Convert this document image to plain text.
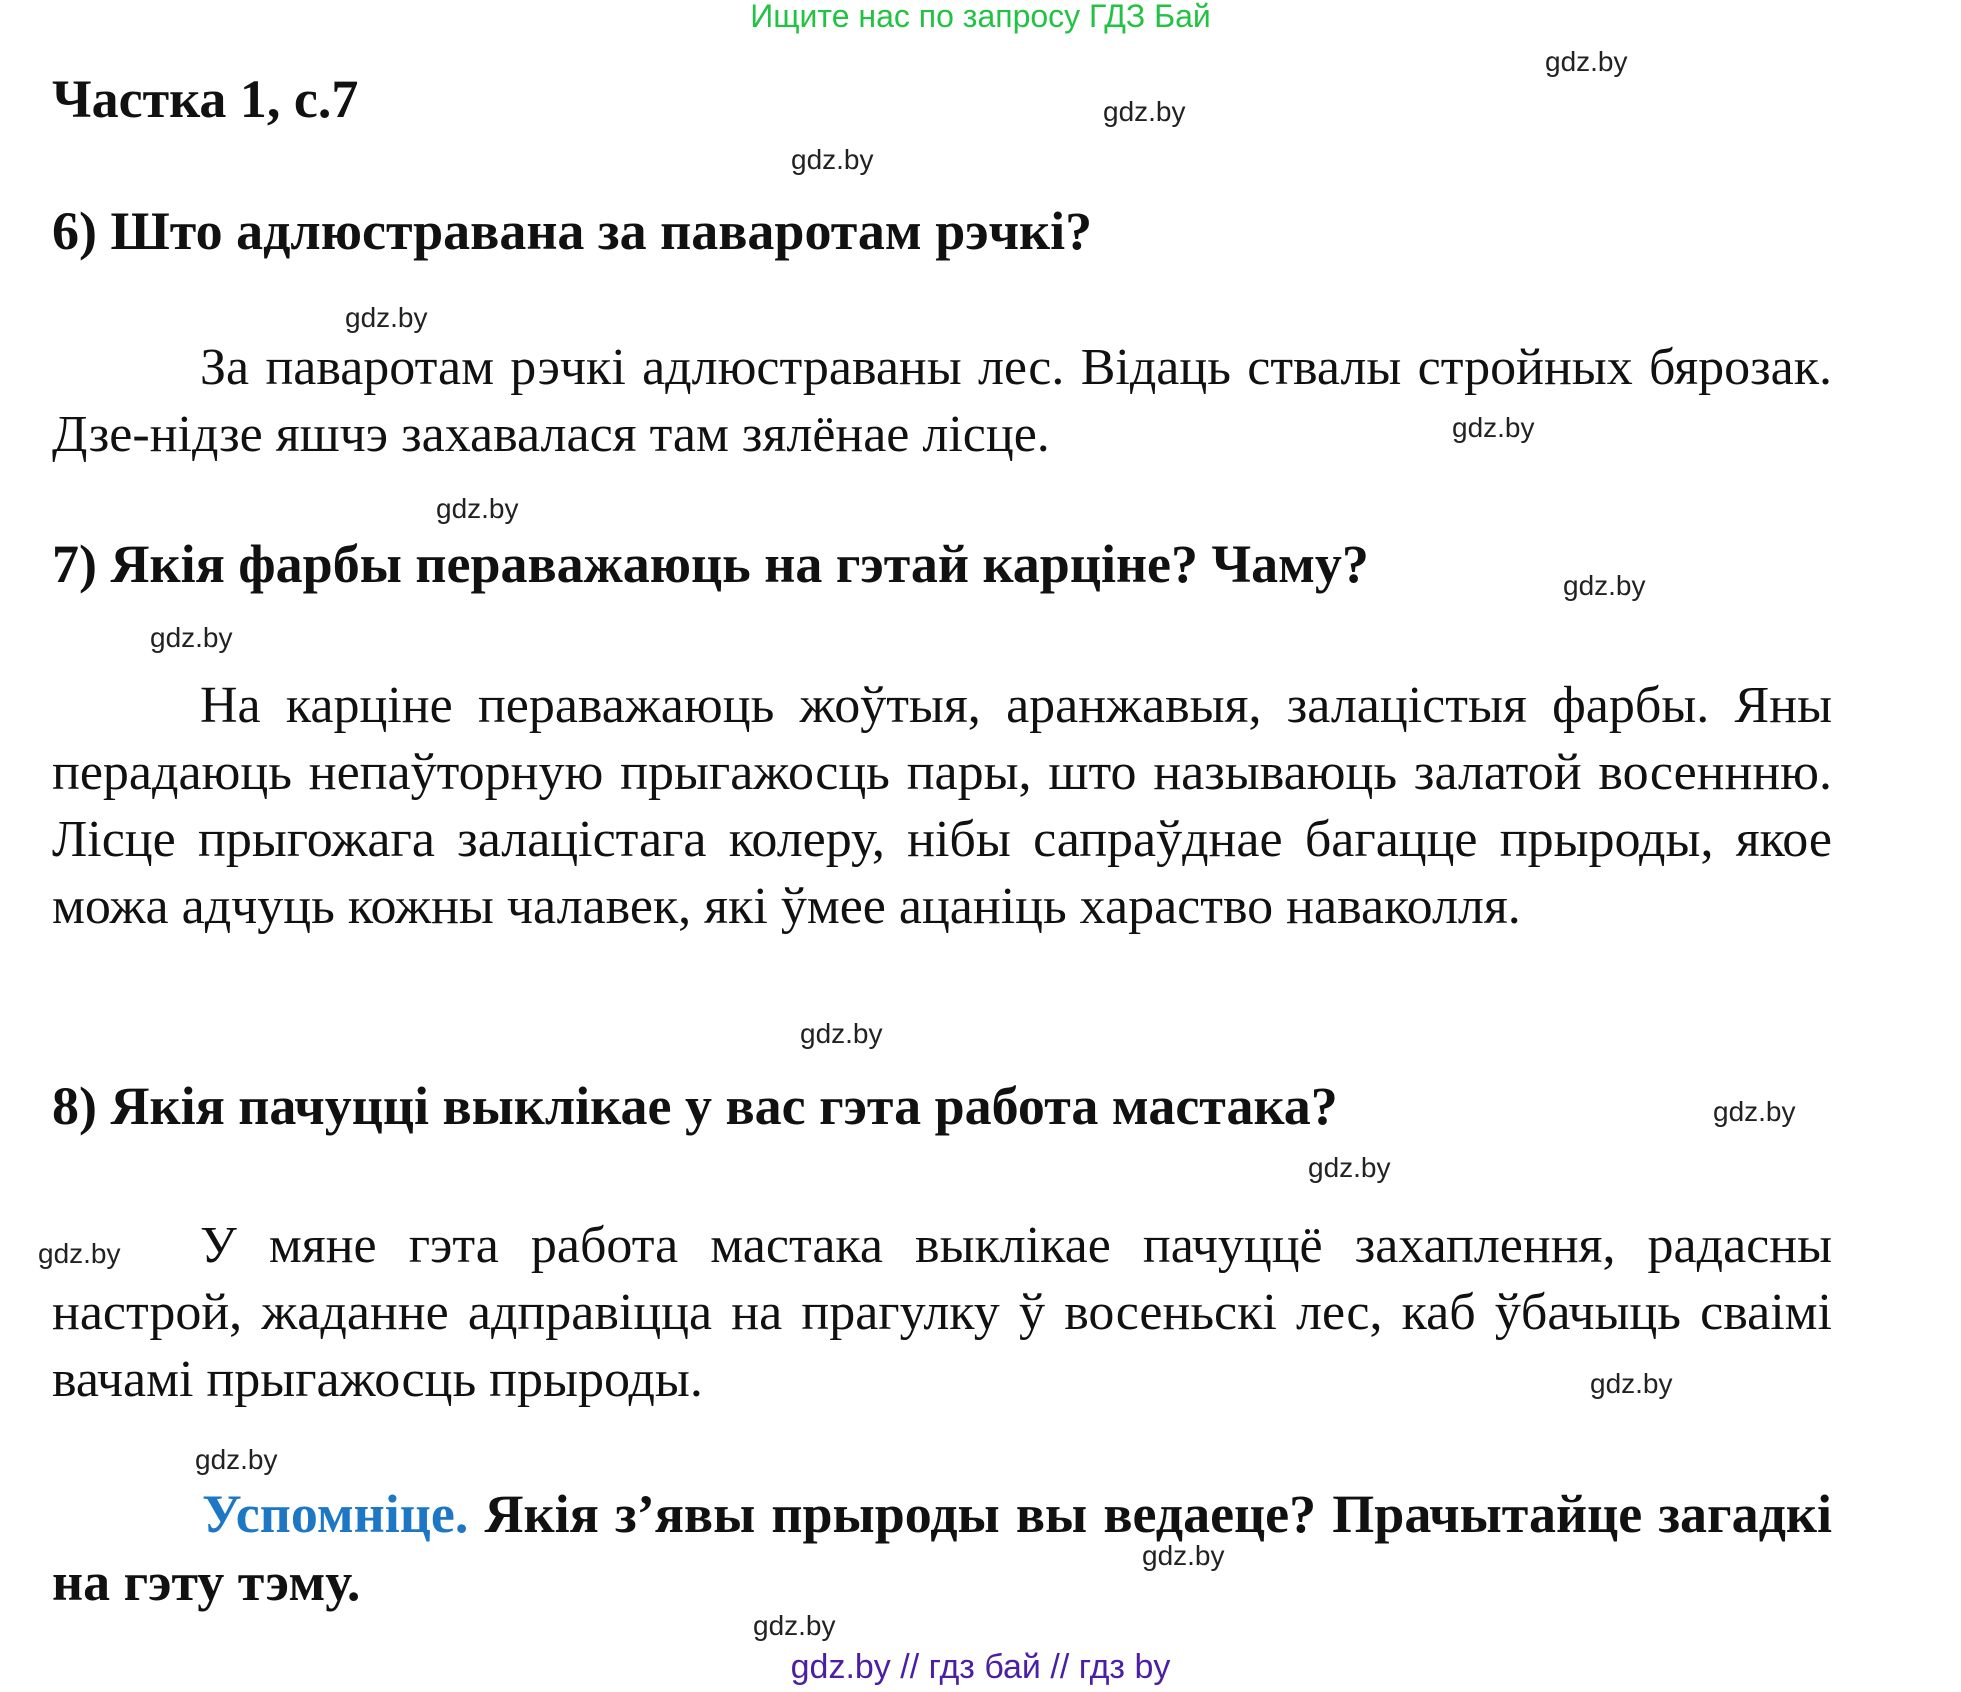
Ищите нас по запросу ГДЗ Бай
Частка 1, с.7
6) Што адлюстравана за паваротам рэчкі?

За паваротам рэчкі адлюстраваны лес. Відаць ствалы стройных бярозак. Дзе-нідзе яшчэ захавалася там зялёнае лісце.

7) Якія фарбы пераважаюць на гэтай карціне? Чаму?

На карціне пераважаюць жоўтыя, аранжавыя, залацістыя фарбы. Яны перадаюць непаўторную прыгажосць пары, што называюць залатой восеннню. Лісце прыгожага залацістага колеру, нібы сапраўднае багацце прыроды, якое можа адчуць кожны чалавек, які ўмее ацаніць хараство наваколля.

8) Якія пачуцці выклікае у вас гэта работа мастака?

У мяне гэта работа мастака выклікае пачуццё захаплення, радасны настрой, жаданне адправіцца на прагулку ў восеньскі лес, каб ўбачыць сваімі вачамі прыгажосць прыроды.

Успомніце. Якія з’явы прыроды вы ведаеце? Прачытайце загадкі на гэту тэму.

gdz.by
gdz.by
gdz.by
gdz.by
gdz.by
gdz.by
gdz.by
gdz.by
gdz.by
gdz.by
gdz.by
gdz.by
gdz.by
gdz.by
gdz.by
gdz.by
gdz.by // гдз бай // гдз by
